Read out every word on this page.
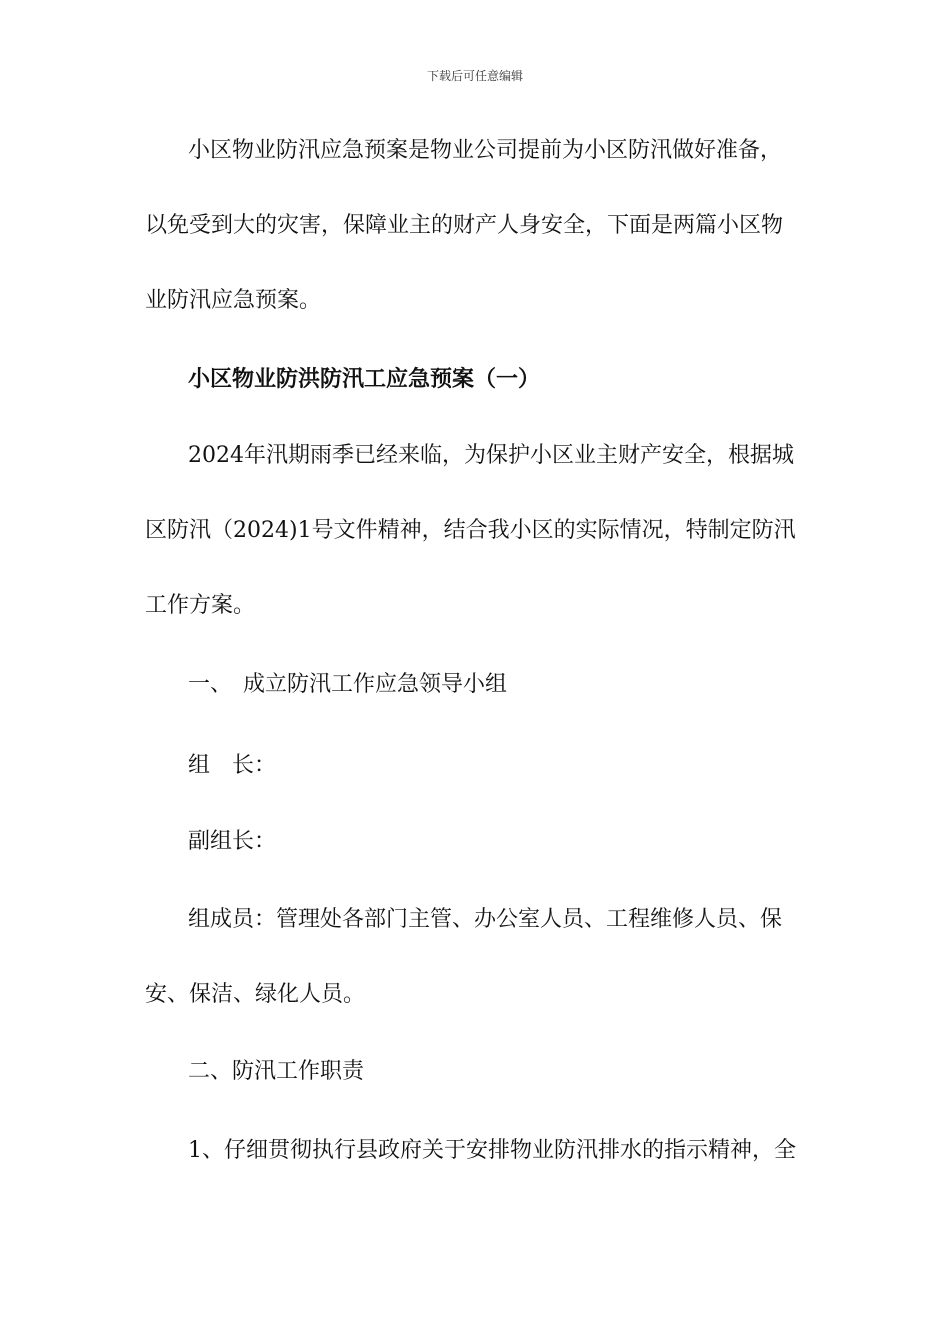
下载后可任意编辑
小区物业防汛应急预案是物业公司提前为小区防汛做好准备，
以免受到大的灾害，保障业主的财产人身安全，下面是两篇小区物
业防汛应急预案。
小区物业防洪防汛工应急预案（一）
2024年汛期雨季已经来临，为保护小区业主财产安全，根据城
区防汛（2024)1号文件精神，结合我小区的实际情况，特制定防汛
工作方案。
一、　成立防汛工作应急领导小组
组　长：
副组长：
组成员：管理处各部门主管、办公室人员、工程维修人员、保
安、保洁、绿化人员。
二、防汛工作职责
1、仔细贯彻执行县政府关于安排物业防汛排水的指示精神，全
